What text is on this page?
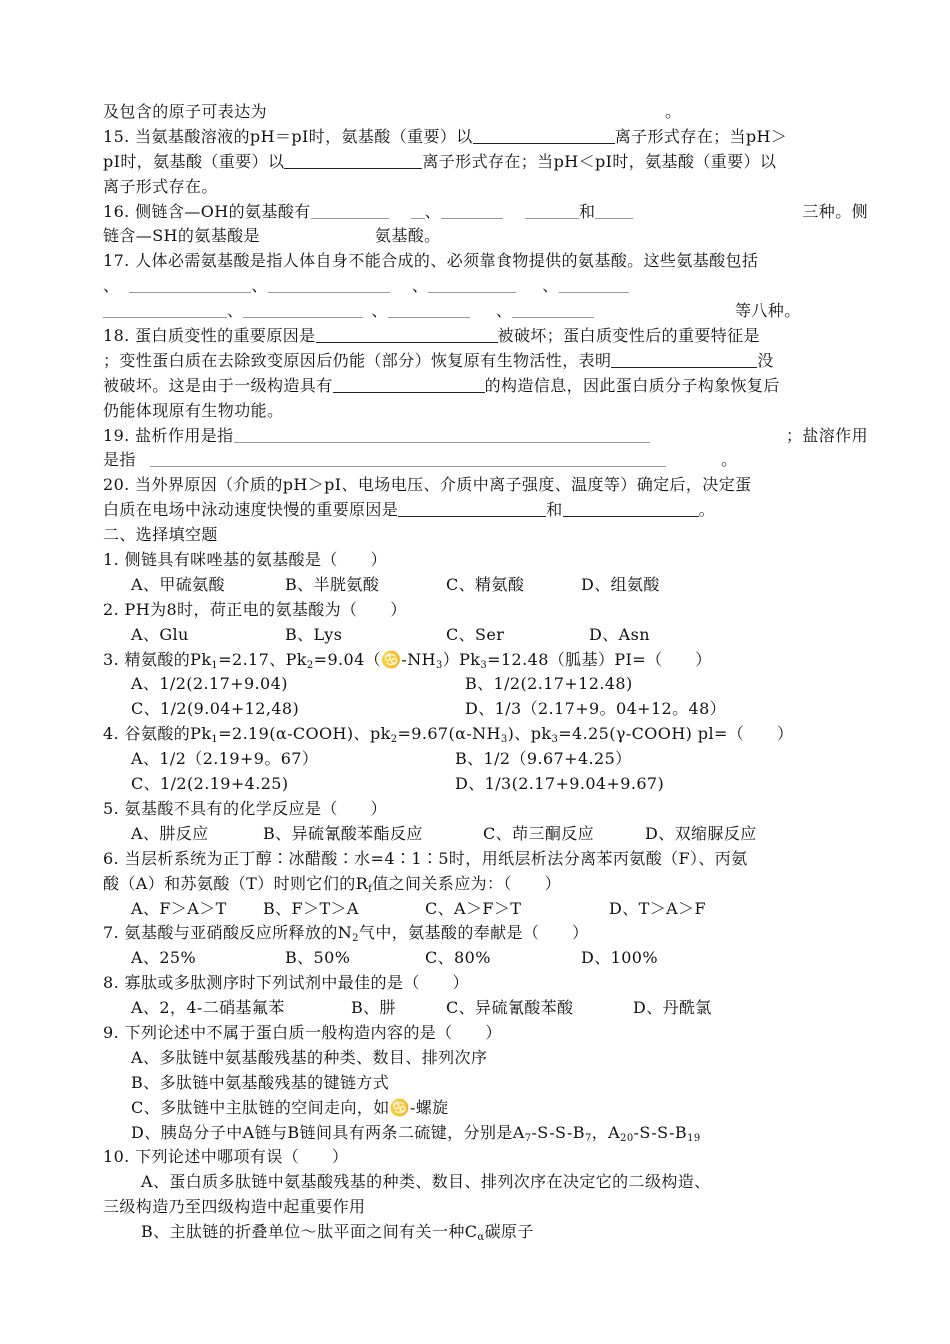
及包含的原子可表达为	。
15. 当氨基酸溶液的pH＝pI时，氨基酸（重要）以	离子形式存在；当pH＞
pI时，氨基酸（重要）以	离子形式存在；当pH＜pI时，氨基酸（重要）以
离子形式存在。
16. 侧链含—OH的氨基酸有	、	和	三种。侧
链含—SH的氨基酸是	氨基酸。
17. 人体必需氨基酸是指人体自身不能合成的、必须靠食物提供的氨基酸。这些氨基酸包括
、	、	、	、
、	、	、	等八种。
18. 蛋白质变性的重要原因是	被破坏；蛋白质变性后的重要特征是
；变性蛋白质在去除致变原因后仍能（部分）恢复原有生物活性，表明	没
被破坏。这是由于一级构造具有	的构造信息，因此蛋白质分子构象恢复后
仍能体现原有生物功能。
19. 盐析作用是指	；盐溶作用
是指	。
20. 当外界原因（介质的pH＞pI、电场电压、介质中离子强度、温度等）确定后，决定蛋
白质在电场中泳动速度快慢的重要原因是	和	。
二、选择填空题
1. 侧链具有咪唑基的氨基酸是（　　）
A、甲硫氨酸	B、半胱氨酸	C、精氨酸	D、组氨酸
2. PH为8时，荷正电的氨基酸为（　　）
A、Glu	B、Lys	C、Ser	D、Asn
3. 精氨酸的$Pk_1=2.17$、$Pk_2=9.04(♋-NH_3)Pk_3=12.48$（胍基）PI=（　　）
A、1/2(2.17+9.04)	B、1/2(2.17+12.48)
C、1/2(9.04+12,48)	D、1/3（2.17+9。04+12。48）
4. 谷氨酸的$Pk_1=2.19(\alpha-COOH)$、$pk_2=9.67(\alpha-NH_3)$、$pk_3=4.25(\gamma-COOH)$ pl=（　　）
A、1/2（2.19+9。67）	B、1/2（9.67+4.25）
C、1/2(2.19+4.25)	D、1/3(2.17+9.04+9.67)
5. 氨基酸不具有的化学反应是（　　）
A、肼反应	B、异硫氰酸苯酯反应	C、茚三酮反应	D、双缩脲反应
6. 当层析系统为正丁醇∶冰醋酸∶水=4∶1∶5时，用纸层析法分离苯丙氨酸（F）、丙氨
酸（A）和苏氨酸（T）时则它们的$R_f$值之间关系应为：（　　）
A、F＞A＞T B、F＞T＞A	C、A＞F＞T	D、T＞A＞F
7. 氨基酸与亚硝酸反应所释放的$N_2$气中，氨基酸的奉献是（　　）
A、25%	B、50%	C、80%	D、100%
8. 寡肽或多肽测序时下列试剂中最佳的是（　　）
A、2，4-二硝基氟苯	B、肼	C、异硫氰酸苯酸	D、丹酰氯
9. 下列论述中不属于蛋白质一般构造内容的是（　　）
A、多肽链中氨基酸残基的种类、数目、排列次序
B、多肽链中氨基酸残基的键链方式
C、多肽链中主肽链的空间走向，如♋-螺旋
D、胰岛分子中A链与B链间具有两条二硫键，分别是$A_7-S-S-B_7$，$A_{20}-S-S-B_{19}$
10. 下列论述中哪项有误（　　）
A、蛋白质多肽链中氨基酸残基的种类、数目、排列次序在决定它的二级构造、
三级构造乃至四级构造中起重要作用
B、主肽链的折叠单位～肽平面之间有关一种$C_\alpha$碳原子
